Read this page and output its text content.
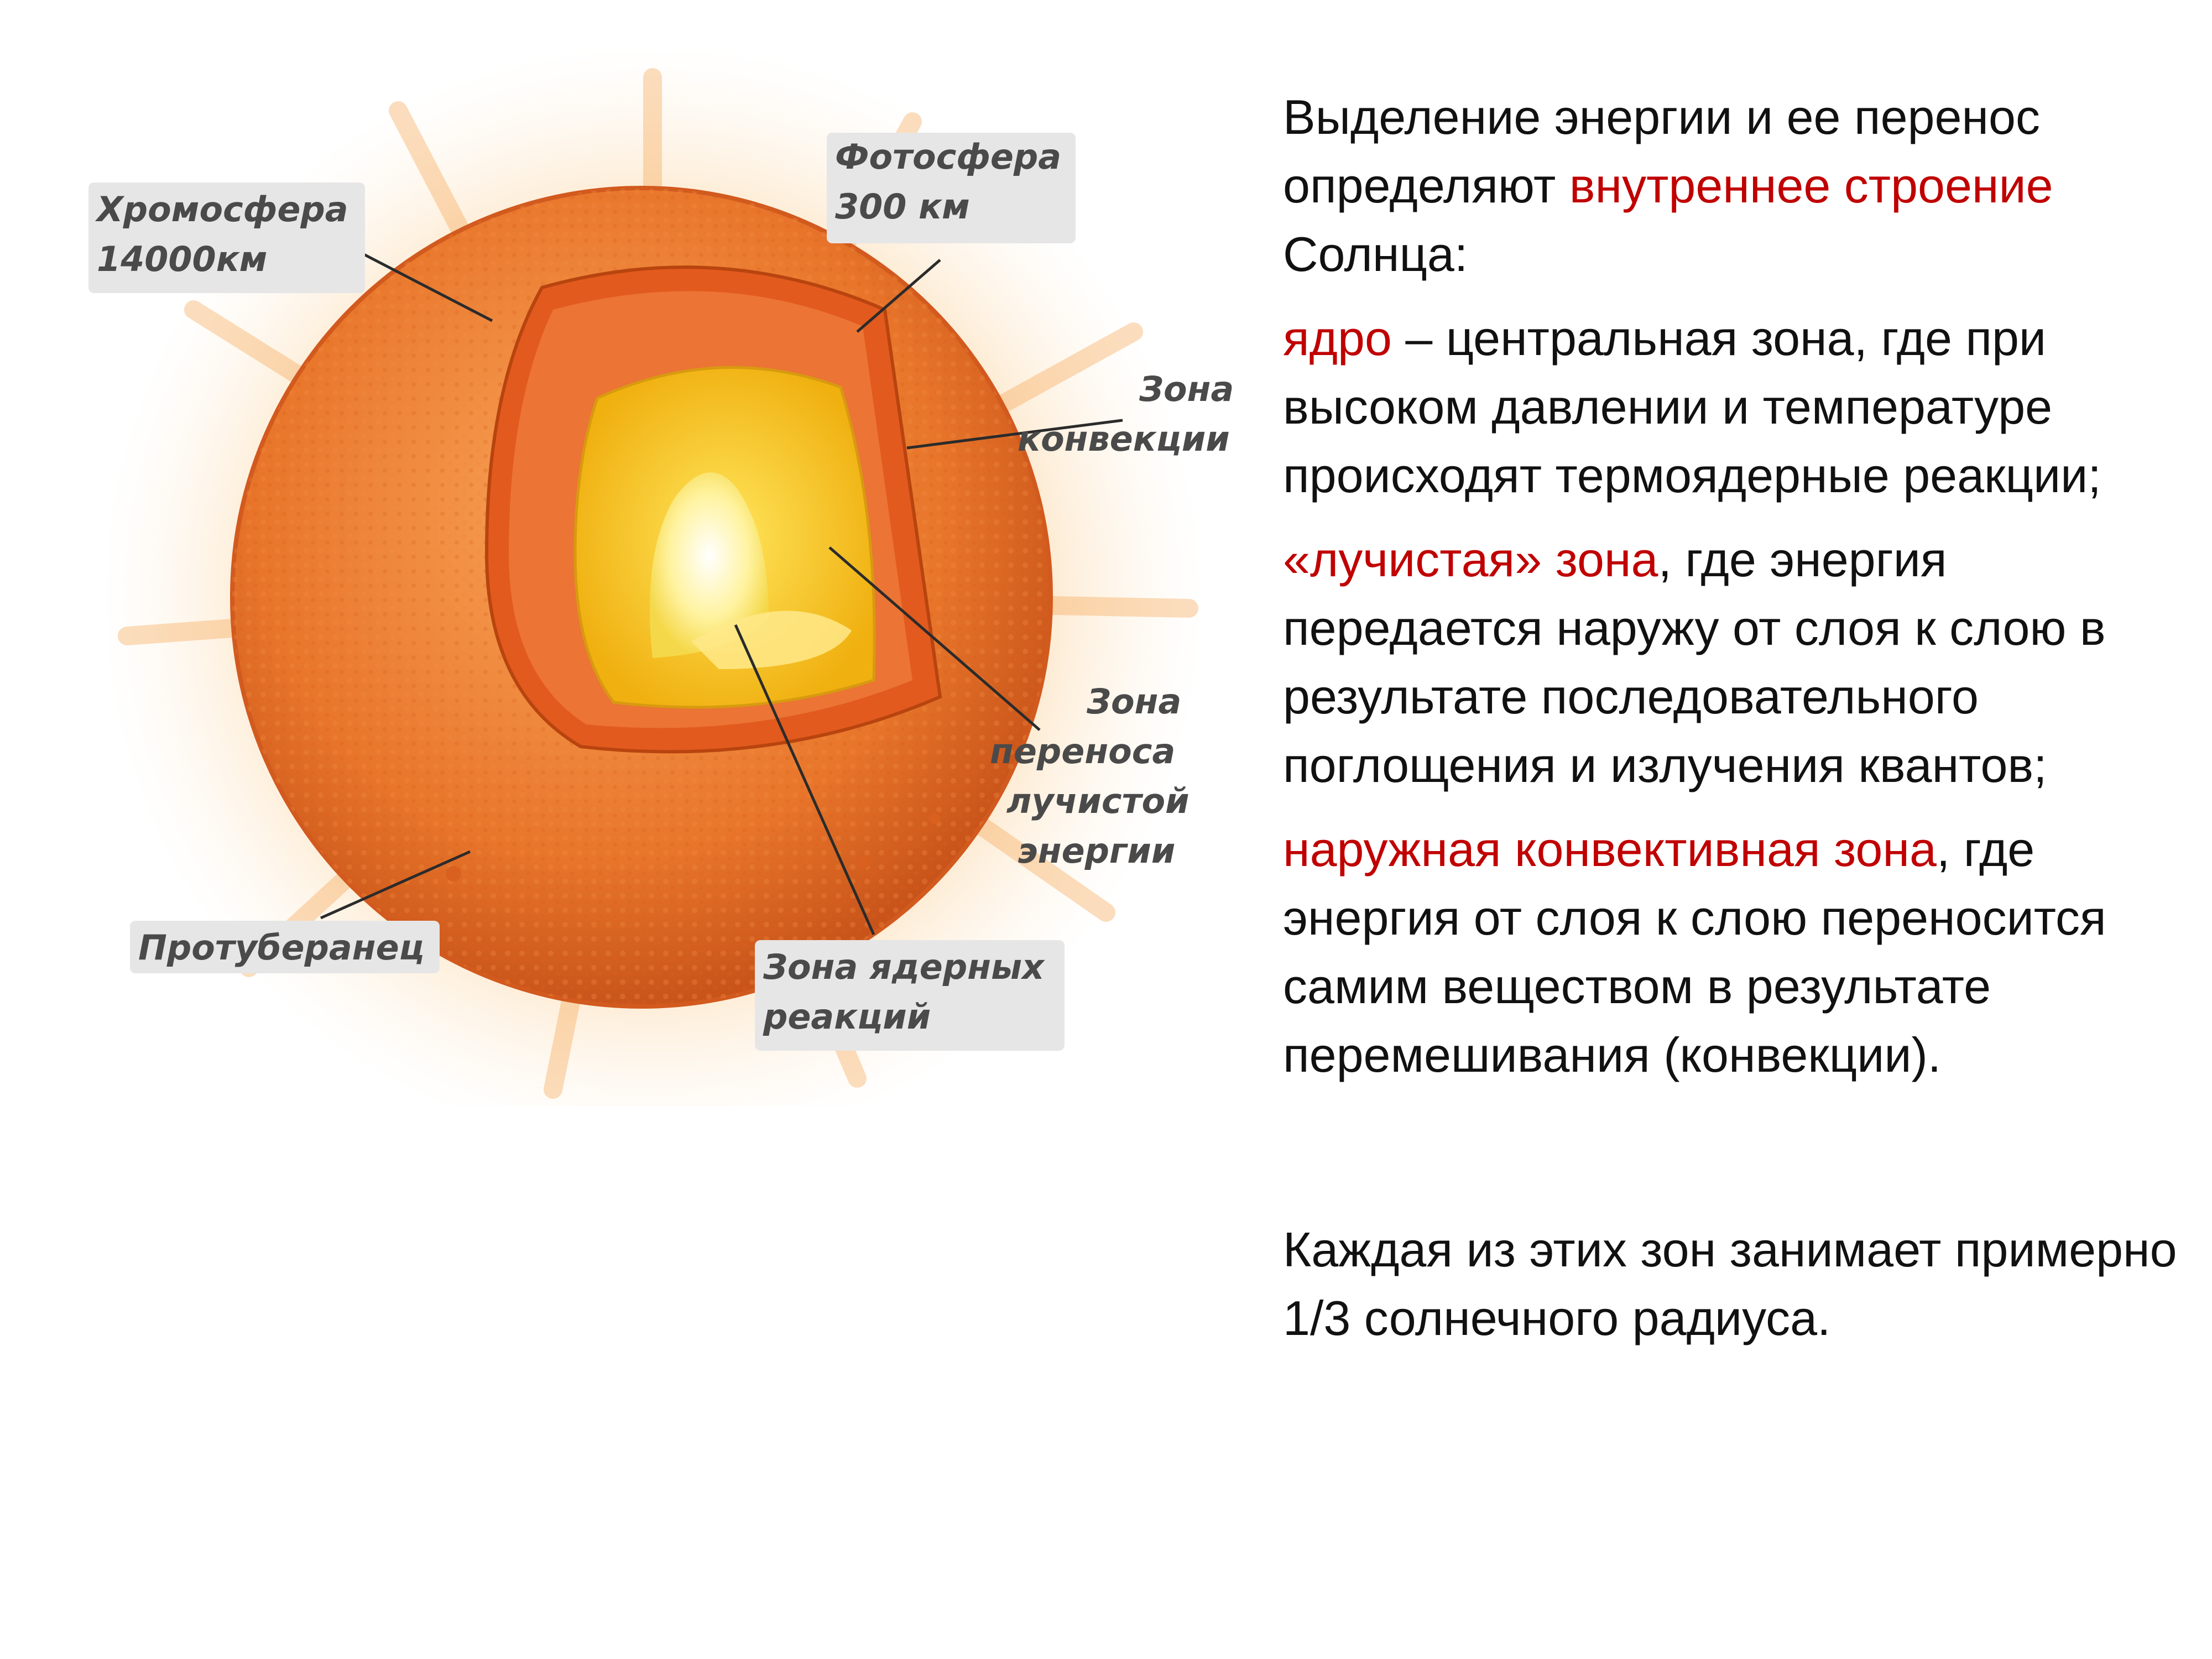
Хромосфера
14000км
Фотосфера
300 км
Зона
конвекции
Зона
переноса
лучистой
энергии
Протуберанец	Зона ядерных
реакций

Выделение энергии и ее перенос определяют внутреннее строение Солнца:

ядро – центральная зона, где при высоком давлении и температуре происходят термоядерные реакции;

«лучистая» зона, где энергия передается наружу от слоя к слою в результате последовательного поглощения и излучения квантов;

наружная конвективная зона, где энергия от слоя к слою переносится самим веществом в результате перемешивания (конвекции).

Каждая из этих зон занимает примерно 1/3 солнечного радиуса.
